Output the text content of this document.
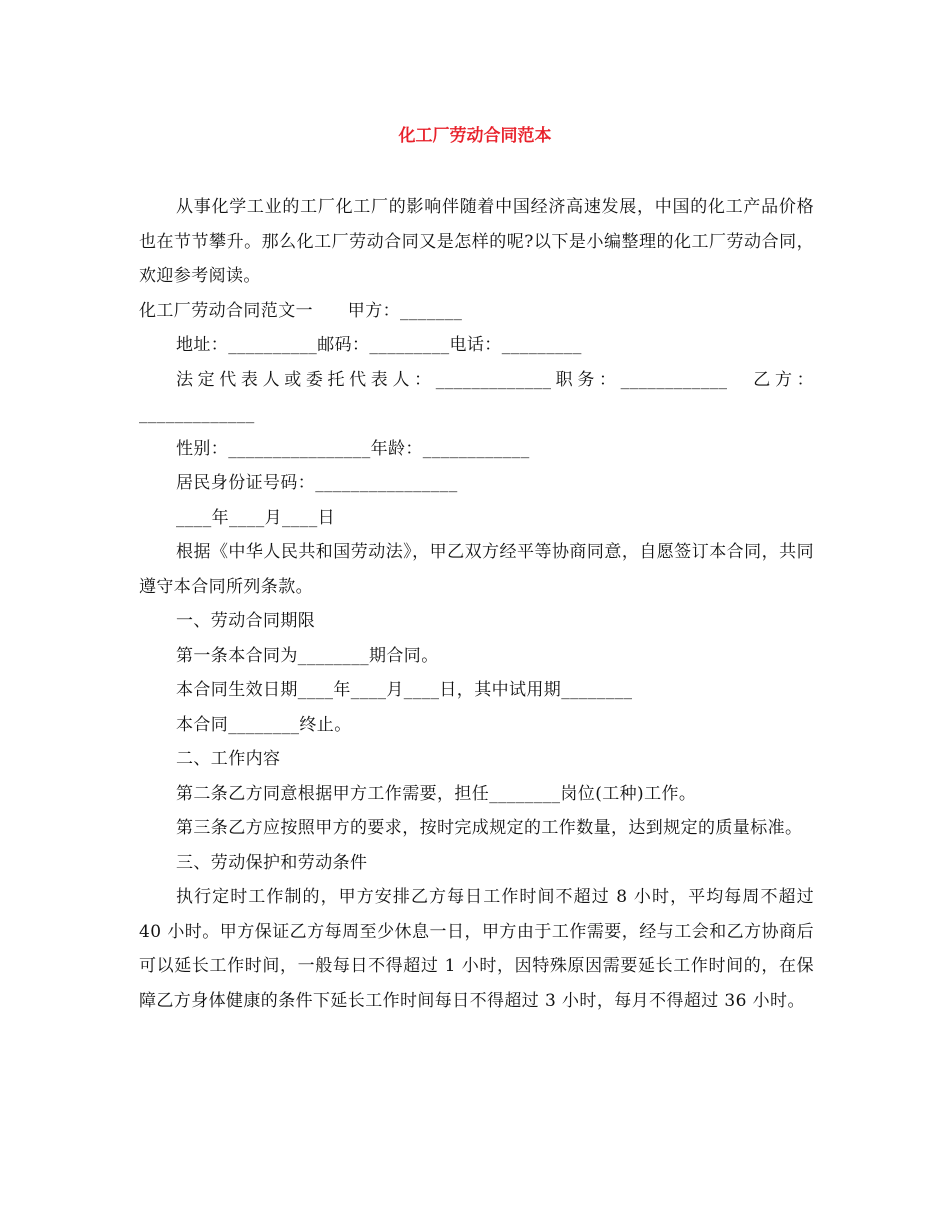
化工厂劳动合同范本

从事化学工业的工厂化工厂的影响伴随着中国经济高速发展，中国的化工产品价格也在节节攀升。那么化工厂劳动合同又是怎样的呢?以下是小编整理的化工厂劳动合同，欢迎参考阅读。

化工厂劳动合同范文一　　甲方：_______

地址：__________邮码：_________电话：_________

法定代表人或委托代表人：_____________职务：____________　乙方：_____________

性别：________________年龄：____________

居民身份证号码：________________

____年____月____日

根据《中华人民共和国劳动法》，甲乙双方经平等协商同意，自愿签订本合同，共同遵守本合同所列条款。

一、劳动合同期限

第一条本合同为________期合同。

本合同生效日期____年____月____日，其中试用期________

本合同________终止。

二、工作内容

第二条乙方同意根据甲方工作需要，担任________岗位(工种)工作。

第三条乙方应按照甲方的要求，按时完成规定的工作数量，达到规定的质量标准。

三、劳动保护和劳动条件

执行定时工作制的，甲方安排乙方每日工作时间不超过 8 小时，平均每周不超过 40 小时。甲方保证乙方每周至少休息一日，甲方由于工作需要，经与工会和乙方协商后可以延长工作时间，一般每日不得超过 1 小时，因特殊原因需要延长工作时间的，在保障乙方身体健康的条件下延长工作时间每日不得超过 3 小时，每月不得超过 36 小时。
